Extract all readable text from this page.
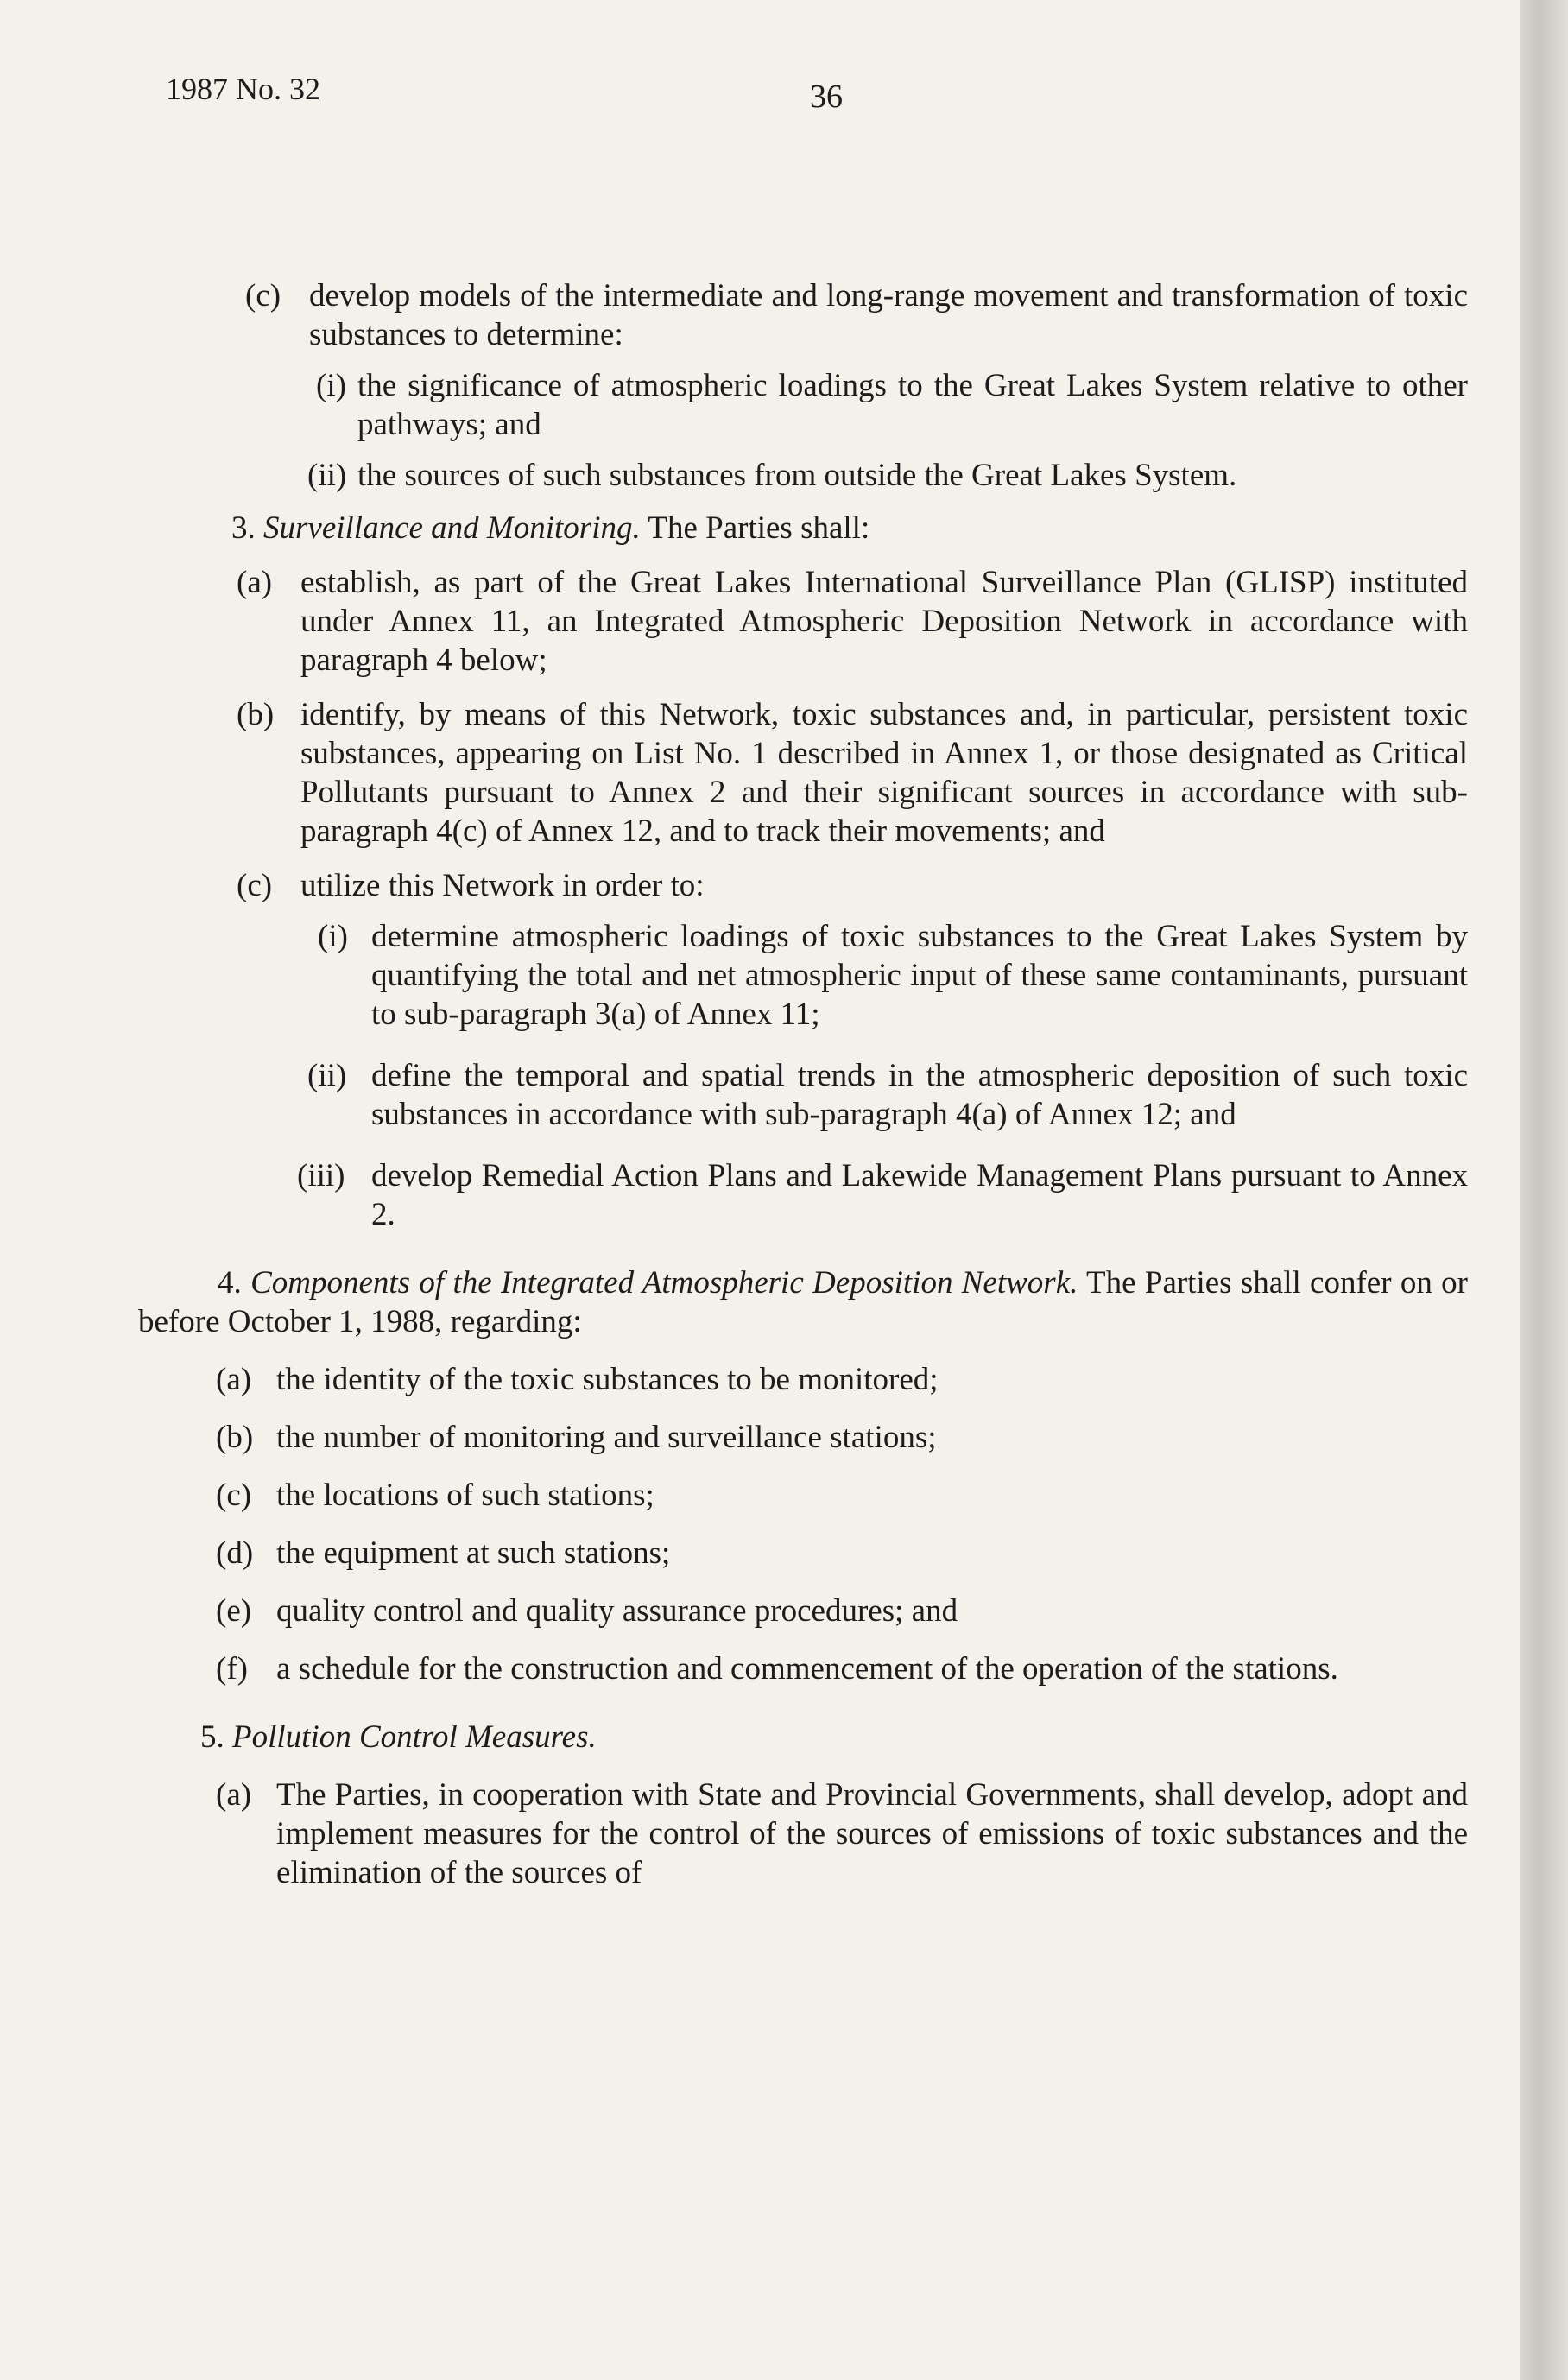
1987 No. 32	36
(c) develop models of the intermediate and long-range movement and transformation of toxic substances to determine:
(i) the significance of atmospheric loadings to the Great Lakes System relative to other pathways; and
(ii) the sources of such substances from outside the Great Lakes System.
3. Surveillance and Monitoring. The Parties shall:
(a) establish, as part of the Great Lakes International Surveillance Plan (GLISP) instituted under Annex 11, an Integrated Atmospheric Deposition Network in accordance with paragraph 4 below;
(b) identify, by means of this Network, toxic substances and, in particular, persistent toxic substances, appearing on List No. 1 described in Annex 1, or those designated as Critical Pollutants pursuant to Annex 2 and their significant sources in accordance with sub-paragraph 4(c) of Annex 12, and to track their movements; and
(c) utilize this Network in order to:
(i) determine atmospheric loadings of toxic substances to the Great Lakes System by quantifying the total and net atmospheric input of these same contaminants, pursuant to sub-paragraph 3(a) of Annex 11;
(ii) define the temporal and spatial trends in the atmospheric deposition of such toxic substances in accordance with sub-paragraph 4(a) of Annex 12; and
(iii) develop Remedial Action Plans and Lakewide Management Plans pursuant to Annex 2.
4. Components of the Integrated Atmospheric Deposition Network. The Parties shall confer on or before October 1, 1988, regarding:
(a) the identity of the toxic substances to be monitored;
(b) the number of monitoring and surveillance stations;
(c) the locations of such stations;
(d) the equipment at such stations;
(e) quality control and quality assurance procedures; and
(f) a schedule for the construction and commencement of the operation of the stations.
5. Pollution Control Measures.
(a) The Parties, in cooperation with State and Provincial Governments, shall develop, adopt and implement measures for the control of the sources of emissions of toxic substances and the elimination of the sources of
